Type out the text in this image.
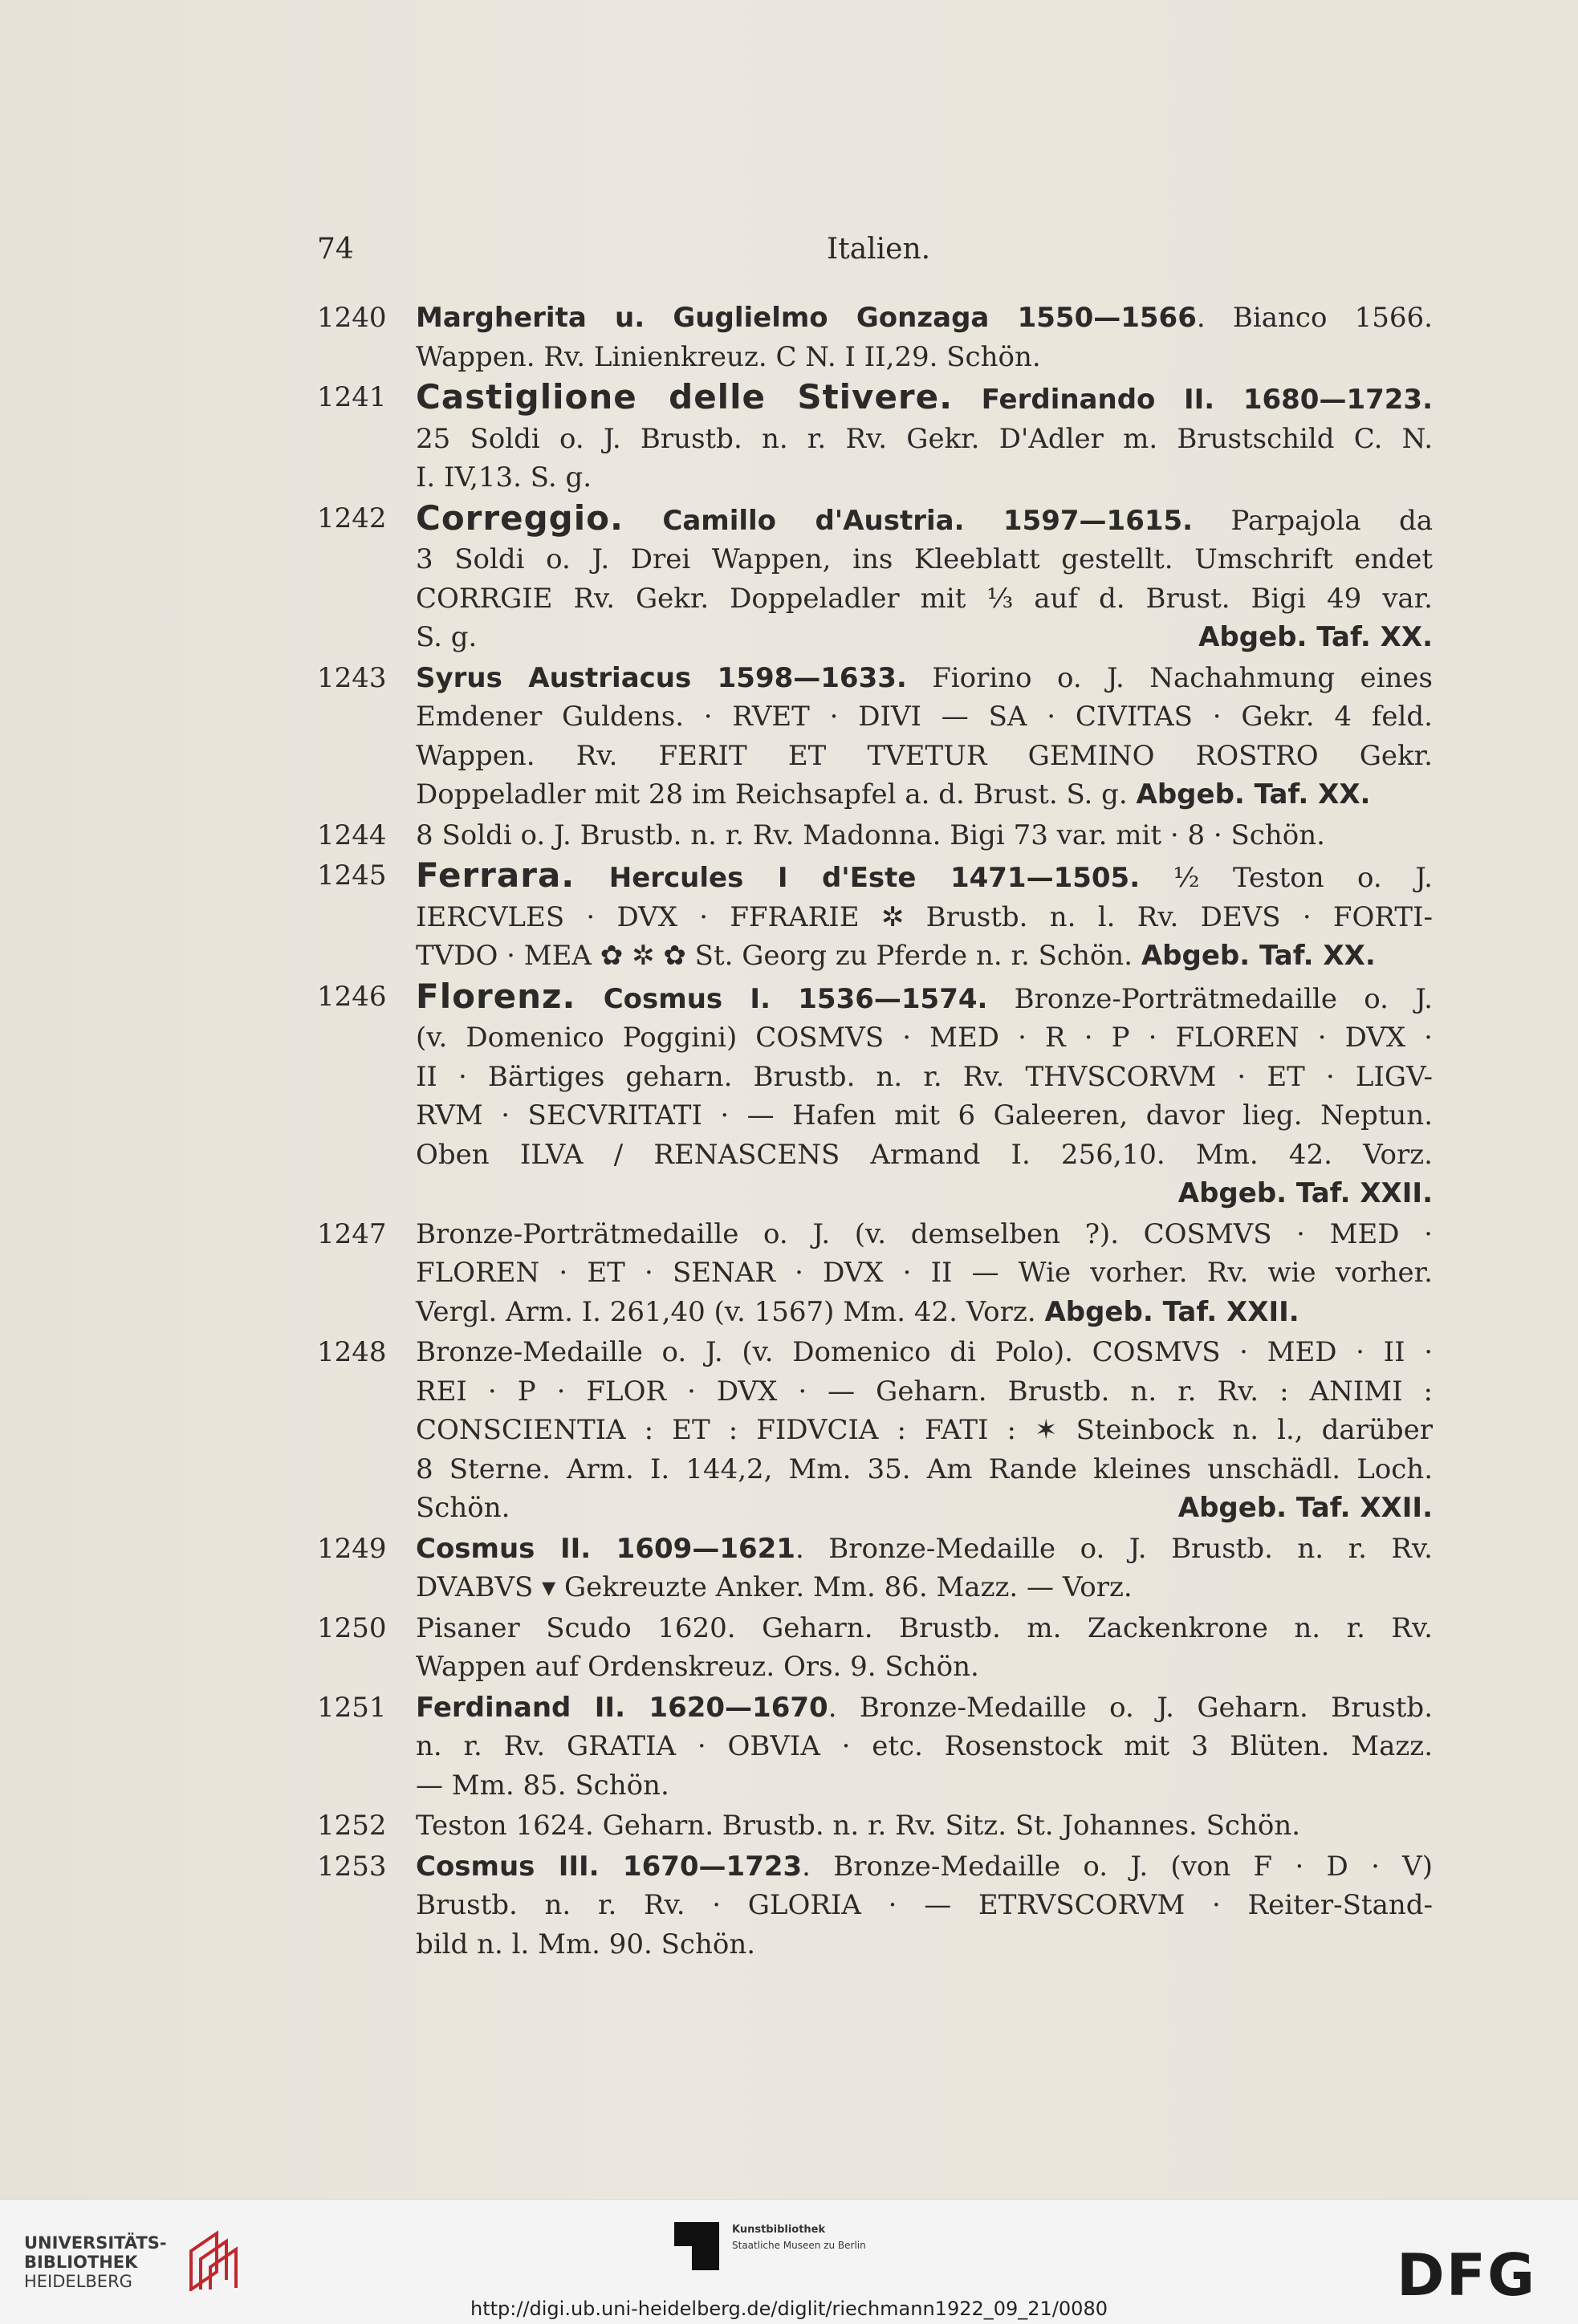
74	Italien.
1240 Margherita u. Guglielmo Gonzaga 1550—1566. Bianco 1566.
Wappen. Rv. Linienkreuz. C N. I II,29. Schön.
1241 Castiglione delle Stivere. Ferdinando II. 1680—1723.
25 Soldi o. J. Brustb. n. r. Rv. Gekr. D'Adler m. Brustschild C. N.
I. IV,13. S. g.
1242 Correggio. Camillo d'Austria. 1597—1615. Parpajola da
3 Soldi o. J. Drei Wappen, ins Kleeblatt gestellt. Umschrift endet
CORRGIE Rv. Gekr. Doppeladler mit ⅓ auf d. Brust. Bigi 49 var.
S. g.	Abgeb. Taf. XX.
1243 Syrus Austriacus 1598—1633. Fiorino o. J. Nachahmung eines
Emdener Guldens. · RVET · DIVI — SA · CIVITAS · Gekr. 4 feld.
Wappen. Rv. FERIT ET TVETUR GEMINO ROSTRO Gekr.
Doppeladler mit 28 im Reichsapfel a. d. Brust. S. g. Abgeb. Taf. XX.
1244 8 Soldi o. J. Brustb. n. r. Rv. Madonna. Bigi 73 var. mit · 8 · Schön.
1245 Ferrara. Hercules I d'Este 1471—1505. ½ Teston o. J.
IERCVLES · DVX · FFRARIE ✲ Brustb. n. l. Rv. DEVS · FORTI-
TVDO · MEA ✿ ✲ ✿ St. Georg zu Pferde n. r. Schön. Abgeb. Taf. XX.
1246 Florenz. Cosmus I. 1536—1574. Bronze-Porträtmedaille o. J.
(v. Domenico Poggini) COSMVS · MED · R · P · FLOREN · DVX ·
II · Bärtiges geharn. Brustb. n. r. Rv. THVSCORVM · ET · LIGV-
RVM · SECVRITATI · — Hafen mit 6 Galeeren, davor lieg. Neptun.
Oben ILVA / RENASCENS Armand I. 256,10. Mm. 42. Vorz.
Abgeb. Taf. XXII.
1247 Bronze-Porträtmedaille o. J. (v. demselben ?). COSMVS · MED ·
FLOREN · ET · SENAR · DVX · II — Wie vorher. Rv. wie vorher.
Vergl. Arm. I. 261,40 (v. 1567) Mm. 42. Vorz. Abgeb. Taf. XXII.
1248 Bronze-Medaille o. J. (v. Domenico di Polo). COSMVS · MED · II ·
REI · P · FLOR · DVX · — Geharn. Brustb. n. r. Rv. : ANIMI :
CONSCIENTIA : ET : FIDVCIA : FATI : ✶ Steinbock n. l., darüber
8 Sterne. Arm. I. 144,2, Mm. 35. Am Rande kleines unschädl. Loch.
Schön.	Abgeb. Taf. XXII.
1249 Cosmus II. 1609—1621. Bronze-Medaille o. J. Brustb. n. r. Rv.
DVABVS ▾ Gekreuzte Anker. Mm. 86. Mazz. — Vorz.
1250 Pisaner Scudo 1620. Geharn. Brustb. m. Zackenkrone n. r. Rv.
Wappen auf Ordenskreuz. Ors. 9. Schön.
1251 Ferdinand II. 1620—1670. Bronze-Medaille o. J. Geharn. Brustb.
n. r. Rv. GRATIA · OBVIA · etc. Rosenstock mit 3 Blüten. Mazz.
— Mm. 85. Schön.
1252 Teston 1624. Geharn. Brustb. n. r. Rv. Sitz. St. Johannes. Schön.
1253 Cosmus III. 1670—1723. Bronze-Medaille o. J. (von F · D · V)
Brustb. n. r. Rv. · GLORIA · — ETRVSCORVM · Reiter-Stand-
bild n. l. Mm. 90. Schön.
UNIVERSITÄTS-
BIBLIOTHEK
HEIDELBERG
Kunstbibliothek
Staatliche Museen zu Berlin	DFG
http://digi.ub.uni-heidelberg.de/diglit/riechmann1922_09_21/0080
